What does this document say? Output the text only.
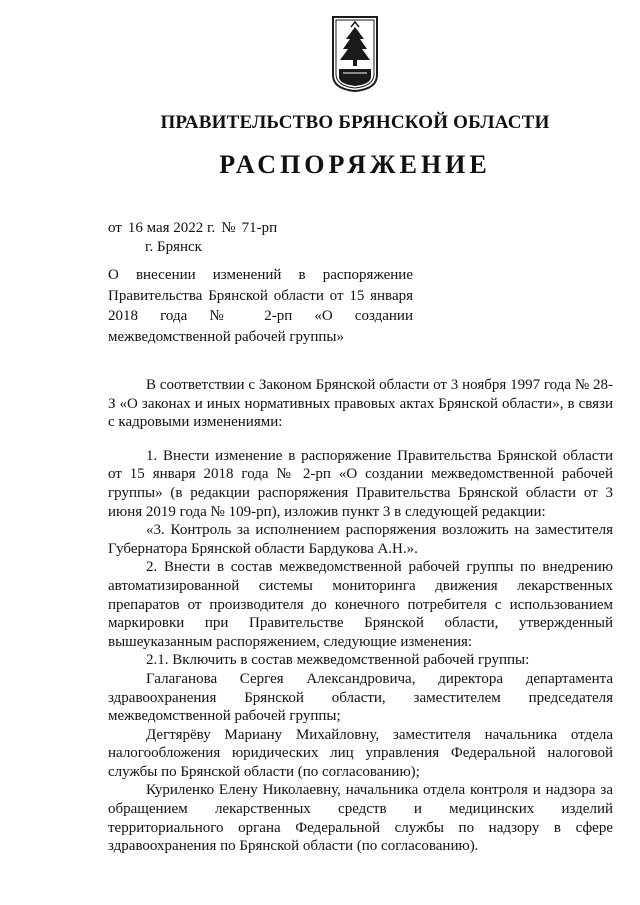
ПРАВИТЕЛЬСТВО БРЯНСКОЙ ОБЛАСТИ
РАСПОРЯЖЕНИЕ
от 16 мая 2022 г. № 71-рп
г. Брянск
О внесении изменений в распоряжение Правительства Брянской области от 15 января 2018 года № 2-рп «О создании межведомственной рабочей группы»

В соответствии с Законом Брянской области от 3 ноября 1997 года № 28-З «О законах и иных нормативных правовых актах Брянской области», в связи с кадровыми изменениями:

1. Внести изменение в распоряжение Правительства Брянской области от 15 января 2018 года № 2-рп «О создании межведомственной рабочей группы» (в редакции распоряжения Правительства Брянской области от 3 июня 2019 года № 109-рп), изложив пункт 3 в следующей редакции:

«3. Контроль за исполнением распоряжения возложить на заместителя Губернатора Брянской области Бардукова А.Н.».

2. Внести в состав межведомственной рабочей группы по внедрению автоматизированной системы мониторинга движения лекарственных препаратов от производителя до конечного потребителя с использованием маркировки при Правительстве Брянской области, утвержденный вышеуказанным распоряжением, следующие изменения:

2.1. Включить в состав межведомственной рабочей группы:

Галаганова Сергея Александровича, директора департамента здравоохранения Брянской области, заместителем председателя межведомственной рабочей группы;

Дегтярёву Мариану Михайловну, заместителя начальника отдела налогообложения юридических лиц управления Федеральной налоговой службы по Брянской области (по согласованию);

Куриленко Елену Николаевну, начальника отдела контроля и надзора за обращением лекарственных средств и медицинских изделий территориального органа Федеральной службы по надзору в сфере здравоохранения по Брянской области (по согласованию).
